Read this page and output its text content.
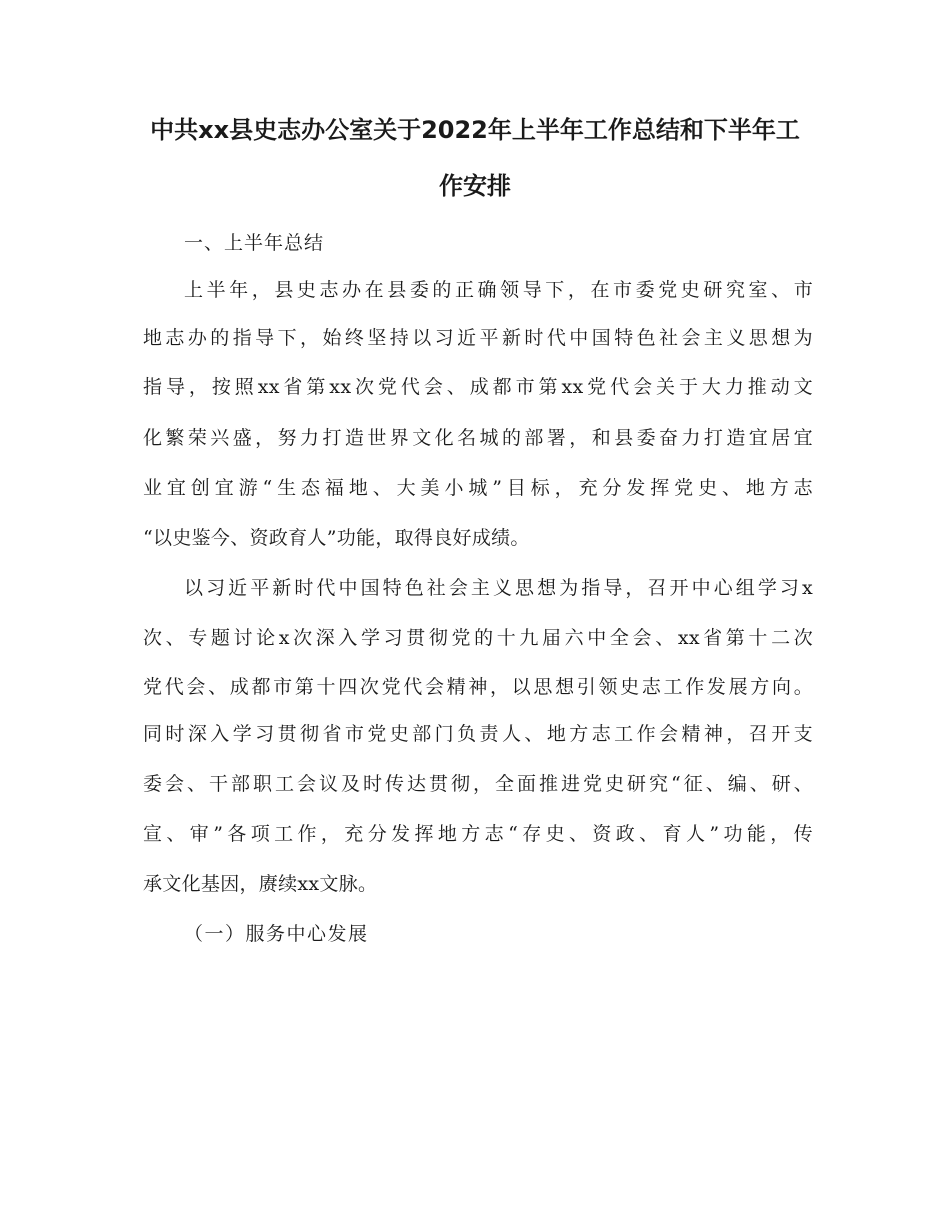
中共xx县史志办公室关于2022年上半年工作总结和下半年工
作安排
一、上半年总结
上半年，县史志办在县委的正确领导下，在市委党史研究室、市
地志办的指导下，始终坚持以习近平新时代中国特色社会主义思想为
指导，按照xx省第xx次党代会、成都市第xx党代会关于大力推动文
化繁荣兴盛，努力打造世界文化名城的部署，和县委奋力打造宜居宜
业宜创宜游“生态福地、大美小城”目标，充分发挥党史、地方志
“以史鉴今、资政育人”功能，取得良好成绩。
以习近平新时代中国特色社会主义思想为指导，召开中心组学习x
次、专题讨论x次深入学习贯彻党的十九届六中全会、xx省第十二次
党代会、成都市第十四次党代会精神，以思想引领史志工作发展方向。
同时深入学习贯彻省市党史部门负责人、地方志工作会精神，召开支
委会、干部职工会议及时传达贯彻，全面推进党史研究“征、编、研、
宣、审”各项工作，充分发挥地方志“存史、资政、育人”功能，传
承文化基因，赓续xx文脉。
（一）服务中心发展
